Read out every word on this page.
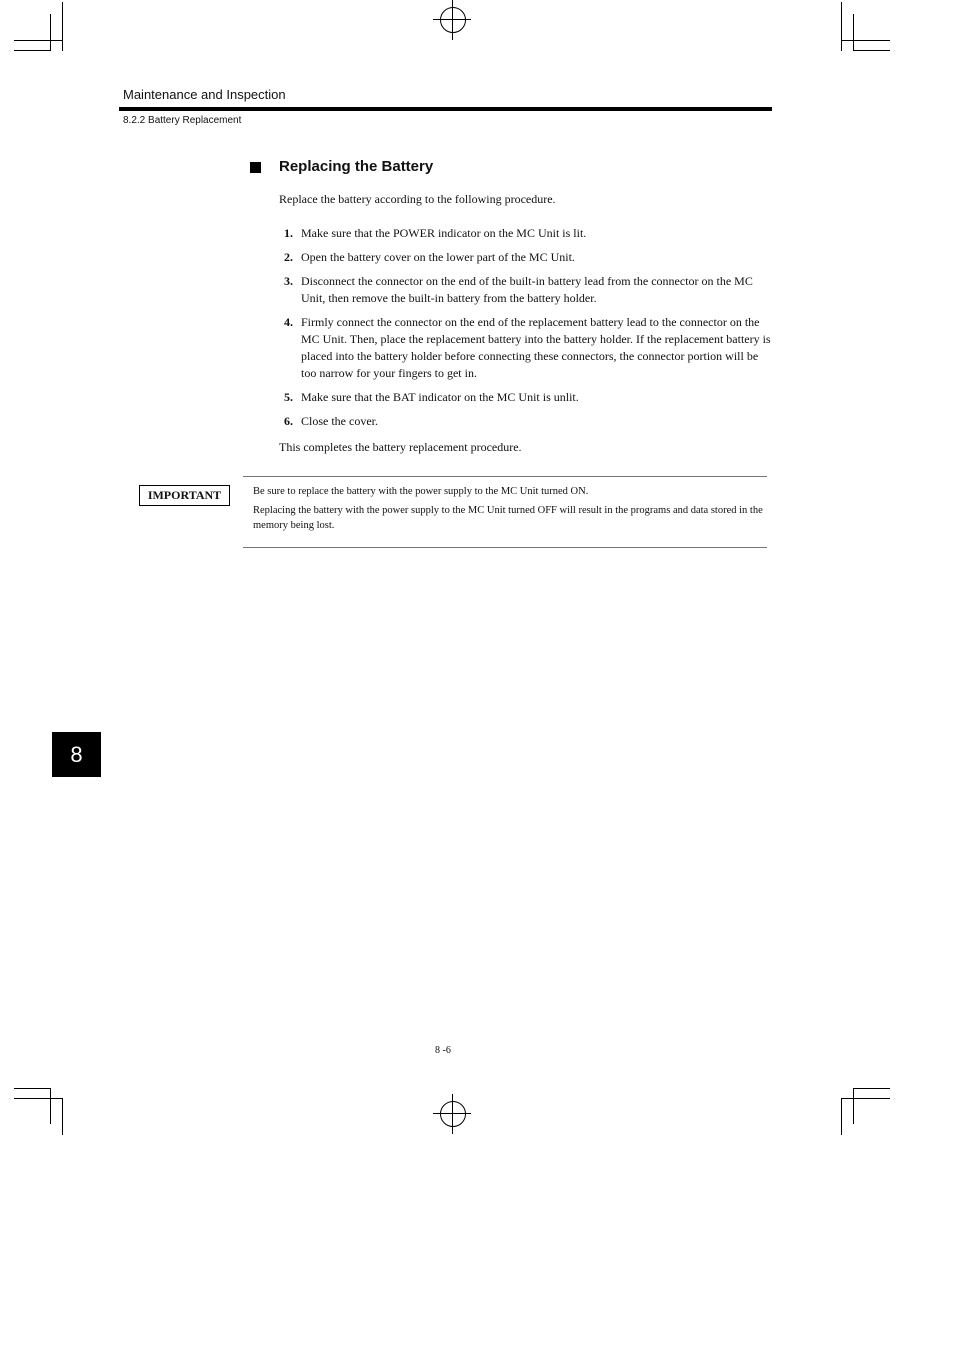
Maintenance and Inspection
8.2.2 Battery Replacement
Replacing the Battery
Replace the battery according to the following procedure.
1. Make sure that the POWER indicator on the MC Unit is lit.
2. Open the battery cover on the lower part of the MC Unit.
3. Disconnect the connector on the end of the built-in battery lead from the connector on the MC Unit, then remove the built-in battery from the battery holder.
4. Firmly connect the connector on the end of the replacement battery lead to the connector on the MC Unit. Then, place the replacement battery into the battery holder. If the replacement battery is placed into the battery holder before connecting these connectors, the connector portion will be too narrow for your fingers to get in.
5. Make sure that the BAT indicator on the MC Unit is unlit.
6. Close the cover.
This completes the battery replacement procedure.
IMPORTANT	Be sure to replace the battery with the power supply to the MC Unit turned ON.
Replacing the battery with the power supply to the MC Unit turned OFF will result in the programs and data stored in the memory being lost.
8
8 -6
